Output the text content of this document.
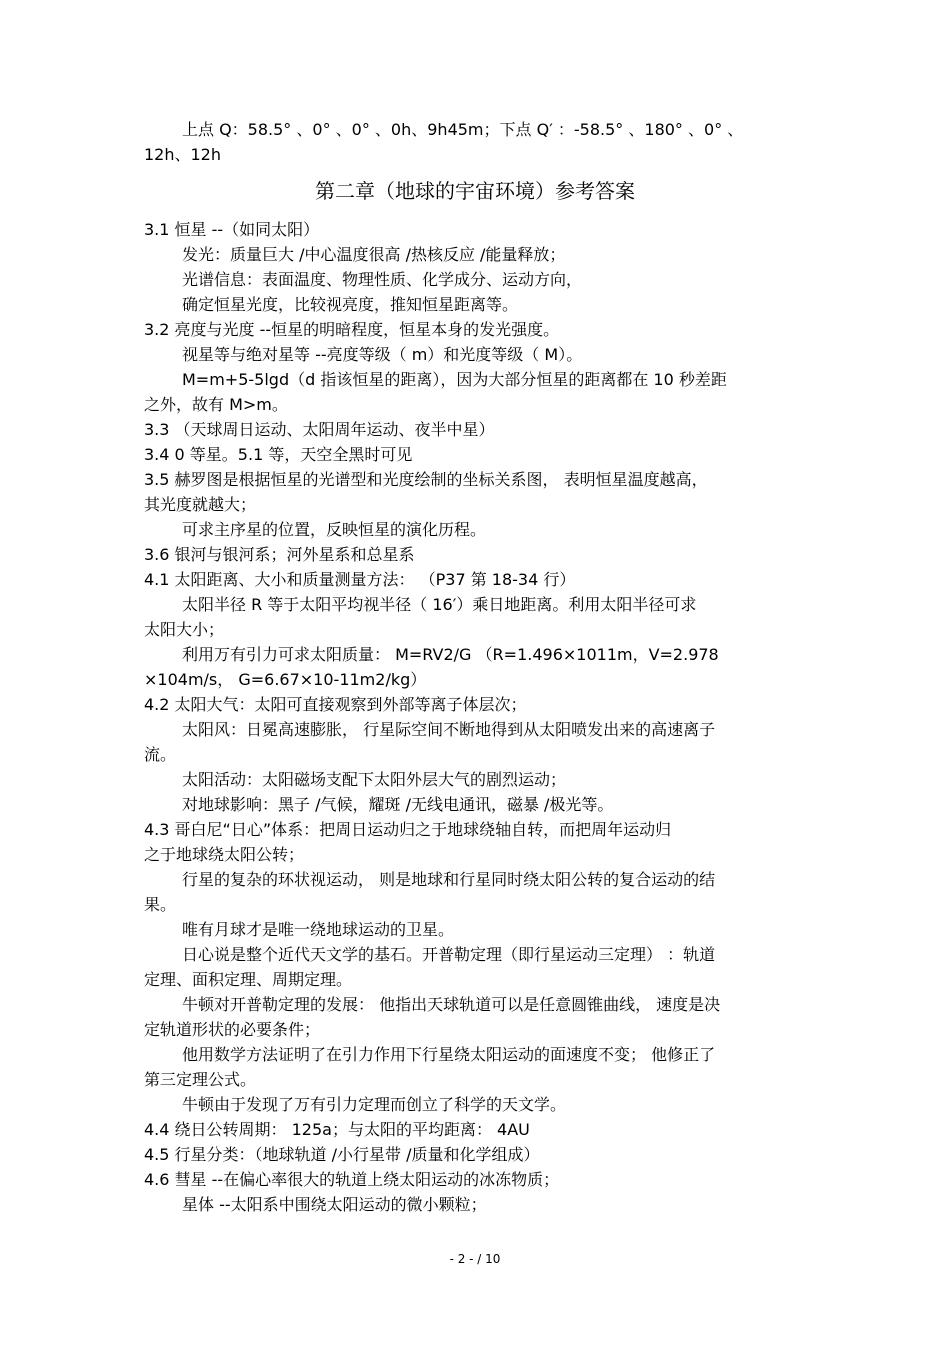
上点 Q：58.5° 、0° 、0° 、0h、9h45m；下点 Q′ ：-58.5° 、180° 、0° 、
12h、12h
第二章（地球的宇宙环境）参考答案
3.1 恒星 --（如同太阳）
发光：质量巨大 /中心温度很高 /热核反应 /能量释放；
光谱信息：表面温度、物理性质、化学成分、运动方向，
确定恒星光度，比较视亮度，推知恒星距离等。
3.2 亮度与光度 --恒星的明暗程度，恒星本身的发光强度。
视星等与绝对星等 --亮度等级（ m）和光度等级（ M）。
M=m+5-5lgd（d 指该恒星的距离），因为大部分恒星的距离都在 10 秒差距
之外，故有 M>m。
3.3 （天球周日运动、太阳周年运动、夜半中星）
3.4 0 等星。5.1 等，天空全黑时可见
3.5 赫罗图是根据恒星的光谱型和光度绘制的坐标关系图， 表明恒星温度越高，
其光度就越大；
可求主序星的位置，反映恒星的演化历程。
3.6 银河与银河系；河外星系和总星系
4.1 太阳距离、大小和质量测量方法： （P37 第 18-34 行）
太阳半径 R 等于太阳平均视半径（ 16′）乘日地距离。利用太阳半径可求
太阳大小；
利用万有引力可求太阳质量： M=RV2/G （R=1.496×1011m，V=2.978
×104m/s， G=6.67×10-11m2/kg）
4.2 太阳大气：太阳可直接观察到外部等离子体层次；
太阳风：日冕高速膨胀， 行星际空间不断地得到从太阳喷发出来的高速离子
流。
太阳活动：太阳磁场支配下太阳外层大气的剧烈运动；
对地球影响：黑子 /气候，耀斑 /无线电通讯，磁暴 /极光等。
4.3 哥白尼“日心”体系：把周日运动归之于地球绕轴自转，而把周年运动归
之于地球绕太阳公转；
行星的复杂的环状视运动， 则是地球和行星同时绕太阳公转的复合运动的结
果。
唯有月球才是唯一绕地球运动的卫星。
日心说是整个近代天文学的基石。开普勒定理（即行星运动三定理） ：轨道
定理、面积定理、周期定理。
牛顿对开普勒定理的发展： 他指出天球轨道可以是任意圆锥曲线， 速度是决
定轨道形状的必要条件；
他用数学方法证明了在引力作用下行星绕太阳运动的面速度不变； 他修正了
第三定理公式。
牛顿由于发现了万有引力定理而创立了科学的天文学。
4.4 绕日公转周期： 125a；与太阳的平均距离： 4AU
4.5 行星分类：（地球轨道 /小行星带 /质量和化学组成）
4.6 彗星 --在偏心率很大的轨道上绕太阳运动的冰冻物质；
星体 --太阳系中围绕太阳运动的微小颗粒；
- 2 - / 10
